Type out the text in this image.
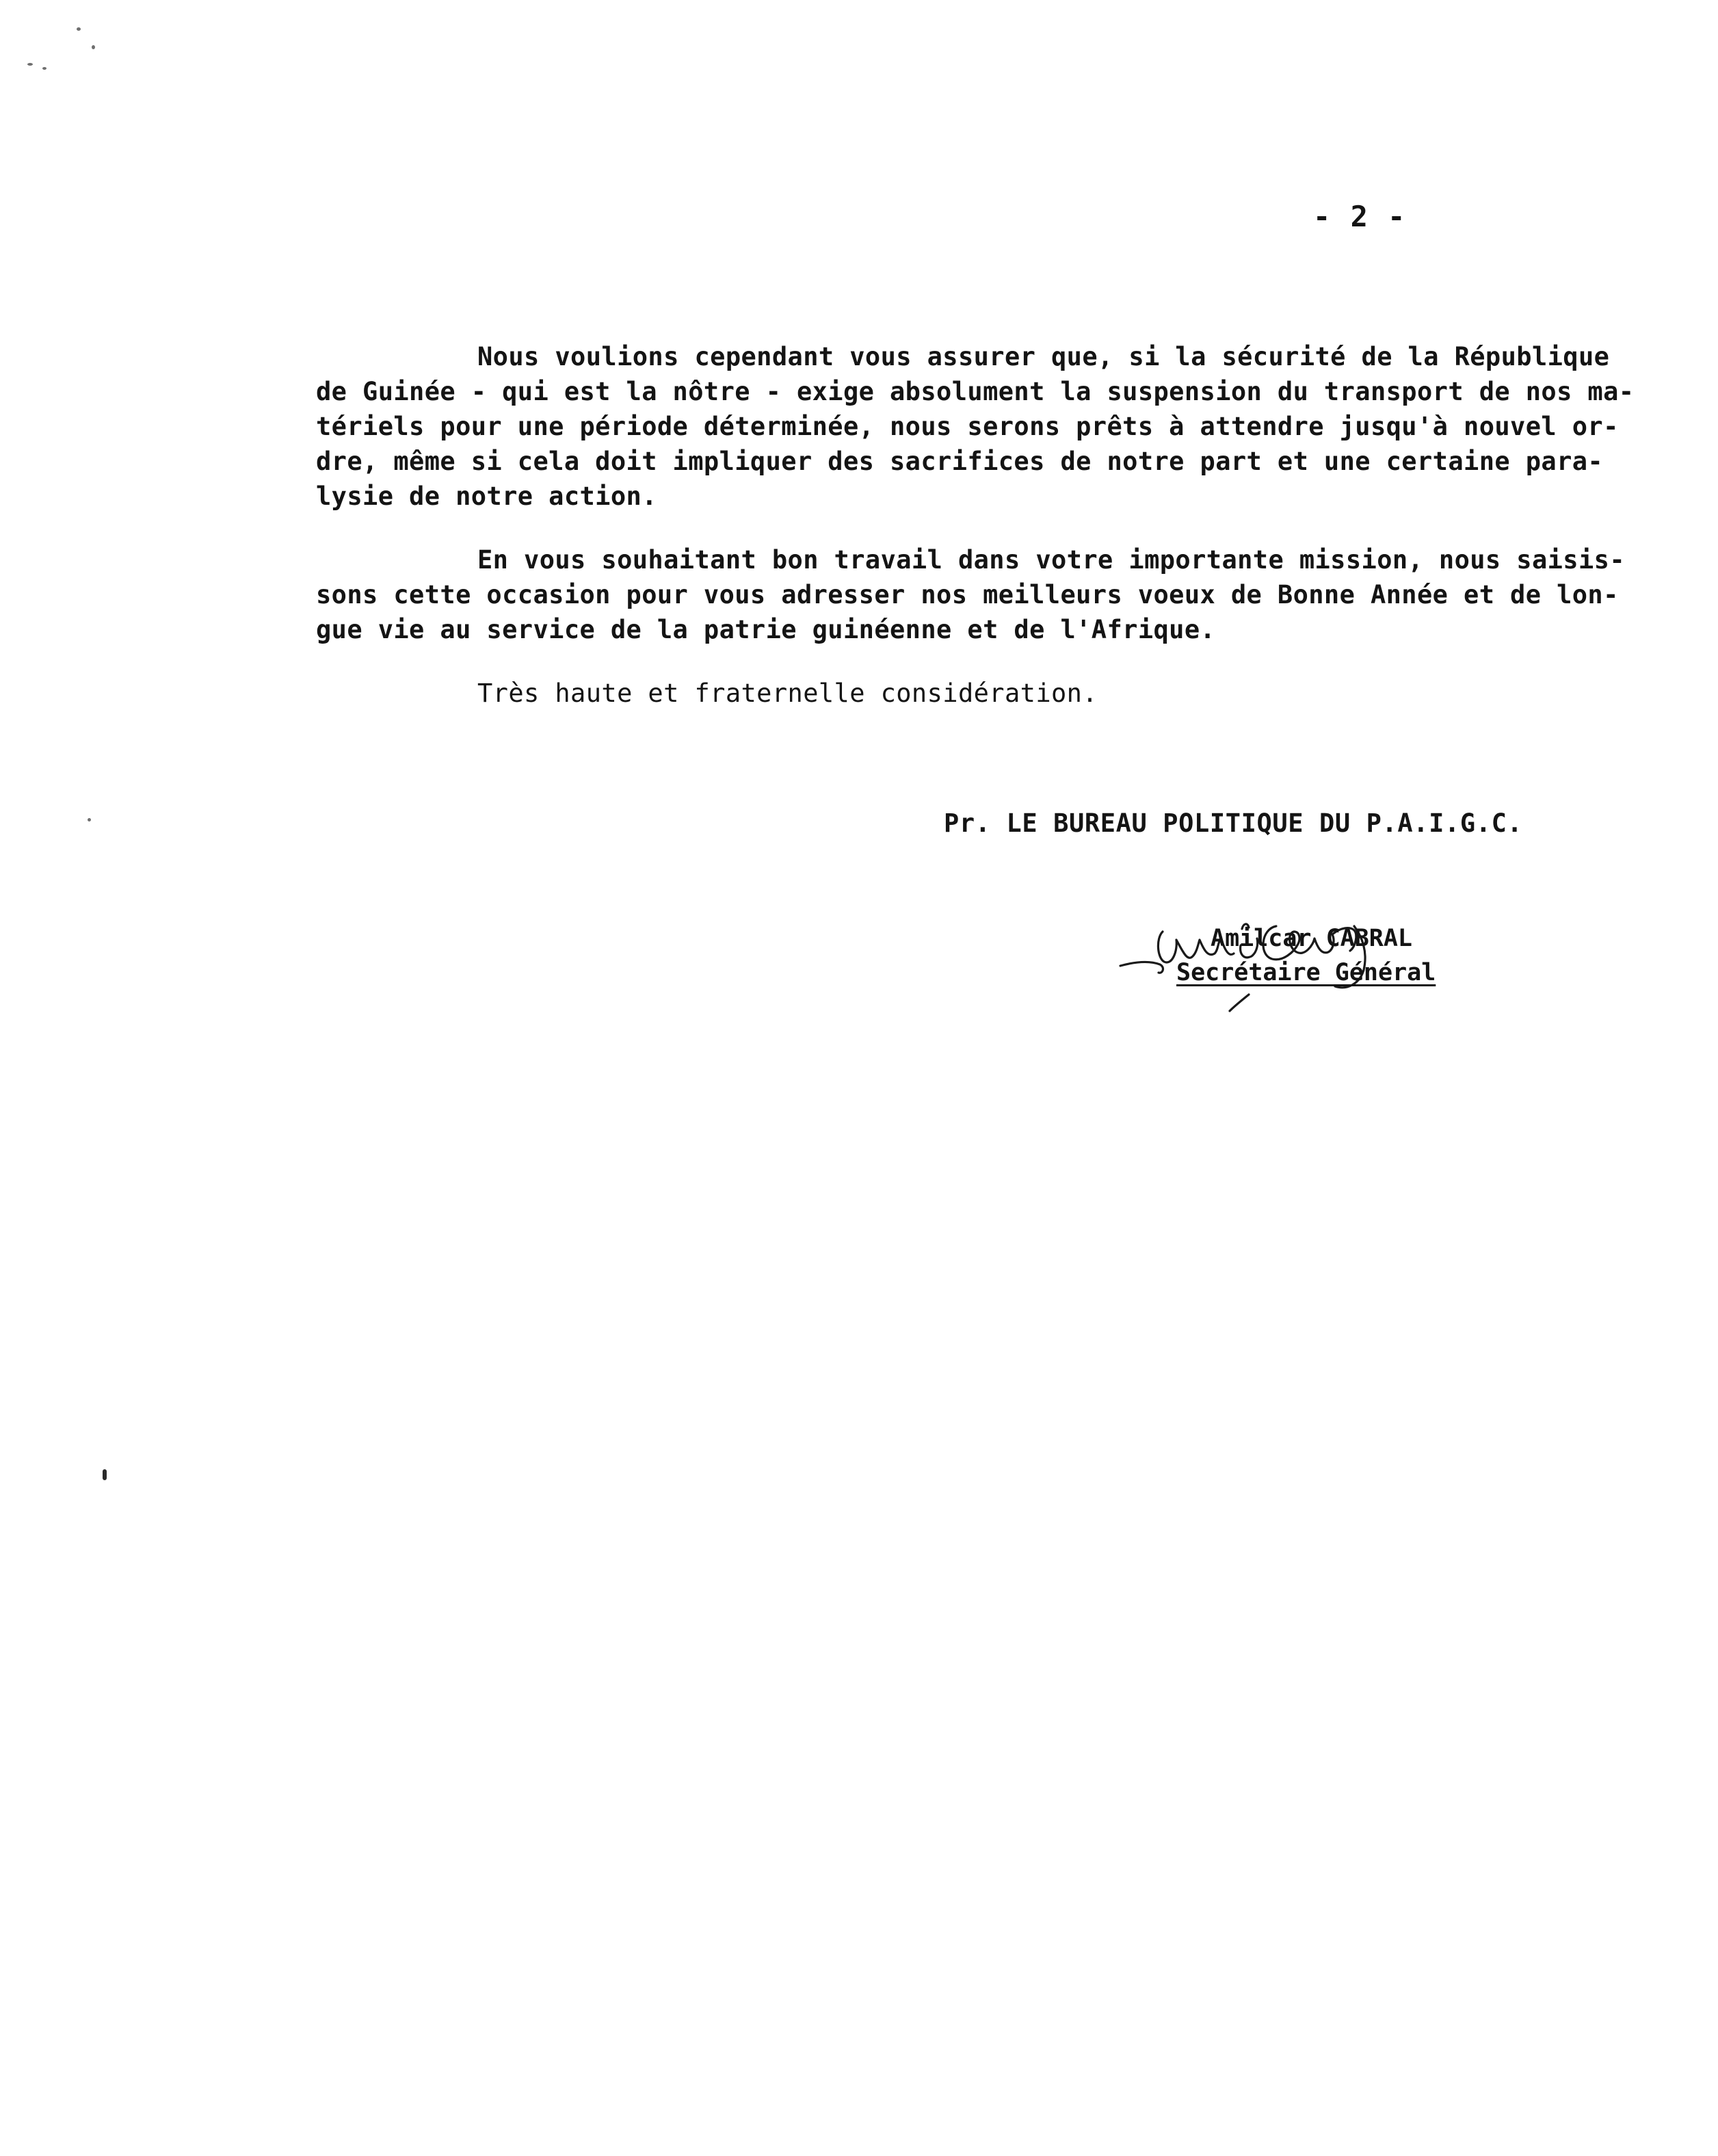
- 2 -
Nous voulions cependant vous assurer que, si la sécurité de la République
de Guinée - qui est la nôtre - exige absolument la suspension du transport de nos ma-
tériels pour une période déterminée, nous serons prêts à attendre jusqu'à nouvel or-
dre, même si cela doit impliquer des sacrifices de notre part et une certaine para-
lysie de notre action.
En vous souhaitant bon travail dans votre importante mission, nous saisis-
sons cette occasion pour vous adresser nos meilleurs voeux de Bonne Année et de lon-
gue vie au service de la patrie guinéenne et de l'Afrique.
Très haute et fraternelle considération.
Pr. LE BUREAU POLITIQUE DU P.A.I.G.C.
Amilcar CABRAL
Secrétaire Général
